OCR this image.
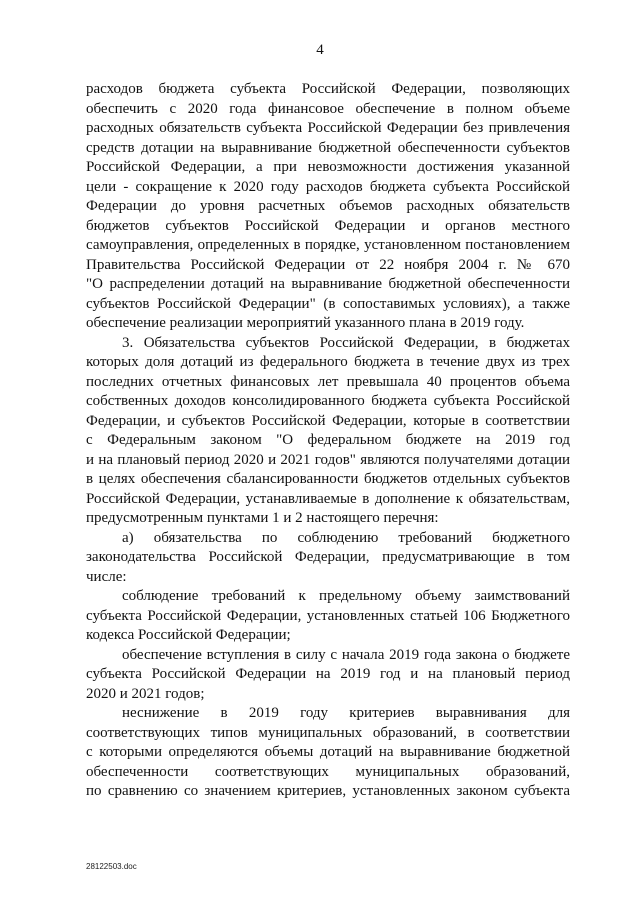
4
расходов бюджета субъекта Российской Федерации, позволяющих
обеспечить с 2020 года финансовое обеспечение в полном объеме
расходных обязательств субъекта Российской Федерации без привлечения
средств дотации на выравнивание бюджетной обеспеченности субъектов
Российской Федерации, а при невозможности достижения указанной
цели - сокращение к 2020 году расходов бюджета субъекта Российской
Федерации до уровня расчетных объемов расходных обязательств
бюджетов субъектов Российской Федерации и органов местного
самоуправления, определенных в порядке, установленном постановлением
Правительства Российской Федерации от 22 ноября 2004 г. № 670
"О распределении дотаций на выравнивание бюджетной обеспеченности
субъектов Российской Федерации" (в сопоставимых условиях), а также
обеспечение реализации мероприятий указанного плана в 2019 году.
3. Обязательства субъектов Российской Федерации, в бюджетах
которых доля дотаций из федерального бюджета в течение двух из трех
последних отчетных финансовых лет превышала 40 процентов объема
собственных доходов консолидированного бюджета субъекта Российской
Федерации, и субъектов Российской Федерации, которые в соответствии
с Федеральным законом "О федеральном бюджете на 2019 год
и на плановый период 2020 и 2021 годов" являются получателями дотации
в целях обеспечения сбалансированности бюджетов отдельных субъектов
Российской Федерации, устанавливаемые в дополнение к обязательствам,
предусмотренным пунктами 1 и 2 настоящего перечня:
а) обязательства по соблюдению требований бюджетного
законодательства Российской Федерации, предусматривающие в том
числе:
соблюдение требований к предельному объему заимствований
субъекта Российской Федерации, установленных статьей 106 Бюджетного
кодекса Российской Федерации;
обеспечение вступления в силу с начала 2019 года закона о бюджете
субъекта Российской Федерации на 2019 год и на плановый период
2020 и 2021 годов;
неснижение в 2019 году критериев выравнивания для
соответствующих типов муниципальных образований, в соответствии
с которыми определяются объемы дотаций на выравнивание бюджетной
обеспеченности соответствующих муниципальных образований,
по сравнению со значением критериев, установленных законом субъекта
28122503.doc
